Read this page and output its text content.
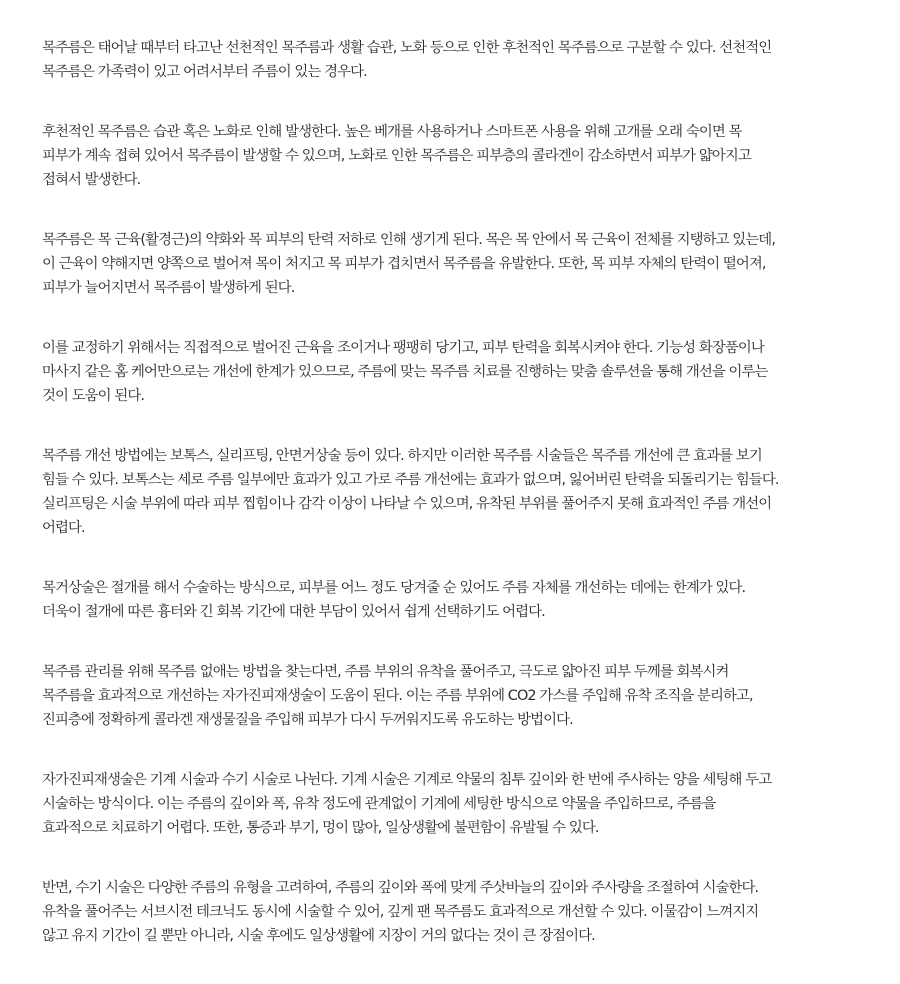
목주름은 태어날 때부터 타고난 선천적인 목주름과 생활 습관, 노화 등으로 인한 후천적인 목주름으로 구분할 수 있다. 선천적인
목주름은 가족력이 있고 어려서부터 주름이 있는 경우다.

후천적인 목주름은 습관 혹은 노화로 인해 발생한다. 높은 베개를 사용하거나 스마트폰 사용을 위해 고개를 오래 숙이면 목
피부가 계속 접혀 있어서 목주름이 발생할 수 있으며, 노화로 인한 목주름은 피부층의 콜라겐이 감소하면서 피부가 얇아지고
접혀서 발생한다.

목주름은 목 근육(활경근)의 약화와 목 피부의 탄력 저하로 인해 생기게 된다. 목은 목 안에서 목 근육이 전체를 지탱하고 있는데,
이 근육이 약해지면 양쪽으로 벌어져 목이 처지고 목 피부가 겹치면서 목주름을 유발한다. 또한, 목 피부 자체의 탄력이 떨어져,
피부가 늘어지면서 목주름이 발생하게 된다.

이를 교정하기 위해서는 직접적으로 벌어진 근육을 조이거나 팽팽히 당기고, 피부 탄력을 회복시켜야 한다. 기능성 화장품이나
마사지 같은 홈 케어만으로는 개선에 한계가 있으므로, 주름에 맞는 목주름 치료를 진행하는 맞춤 솔루션을 통해 개선을 이루는
것이 도움이 된다.

목주름 개선 방법에는 보톡스, 실리프팅, 안면거상술 등이 있다. 하지만 이러한 목주름 시술들은 목주름 개선에 큰 효과를 보기
힘들 수 있다. 보톡스는 세로 주름 일부에만 효과가 있고 가로 주름 개선에는 효과가 없으며, 잃어버린 탄력을 되돌리기는 힘들다.
실리프팅은 시술 부위에 따라 피부 찝힘이나 감각 이상이 나타날 수 있으며, 유착된 부위를 풀어주지 못해 효과적인 주름 개선이
어렵다.

목거상술은 절개를 해서 수술하는 방식으로, 피부를 어느 정도 당겨줄 순 있어도 주름 자체를 개선하는 데에는 한계가 있다.
더욱이 절개에 따른 흉터와 긴 회복 기간에 대한 부담이 있어서 쉽게 선택하기도 어렵다.

목주름 관리를 위해 목주름 없애는 방법을 찾는다면, 주름 부위의 유착을 풀어주고, 극도로 얇아진 피부 두께를 회복시켜
목주름을 효과적으로 개선하는 자가진피재생술이 도움이 된다. 이는 주름 부위에 CO2 가스를 주입해 유착 조직을 분리하고,
진피층에 정확하게 콜라겐 재생물질을 주입해 피부가 다시 두꺼워지도록 유도하는 방법이다.

자가진피재생술은 기계 시술과 수기 시술로 나뉜다. 기계 시술은 기계로 약물의 침투 깊이와 한 번에 주사하는 양을 세팅해 두고
시술하는 방식이다. 이는 주름의 깊이와 폭, 유착 정도에 관계없이 기계에 세팅한 방식으로 약물을 주입하므로, 주름을
효과적으로 치료하기 어렵다. 또한, 통증과 부기, 멍이 많아, 일상생활에 불편함이 유발될 수 있다.

반면, 수기 시술은 다양한 주름의 유형을 고려하여, 주름의 깊이와 폭에 맞게 주삿바늘의 깊이와 주사량을 조절하여 시술한다.
유착을 풀어주는 서브시전 테크닉도 동시에 시술할 수 있어, 깊게 팬 목주름도 효과적으로 개선할 수 있다. 이물감이 느껴지지
않고 유지 기간이 길 뿐만 아니라, 시술 후에도 일상생활에 지장이 거의 없다는 것이 큰 장점이다.
